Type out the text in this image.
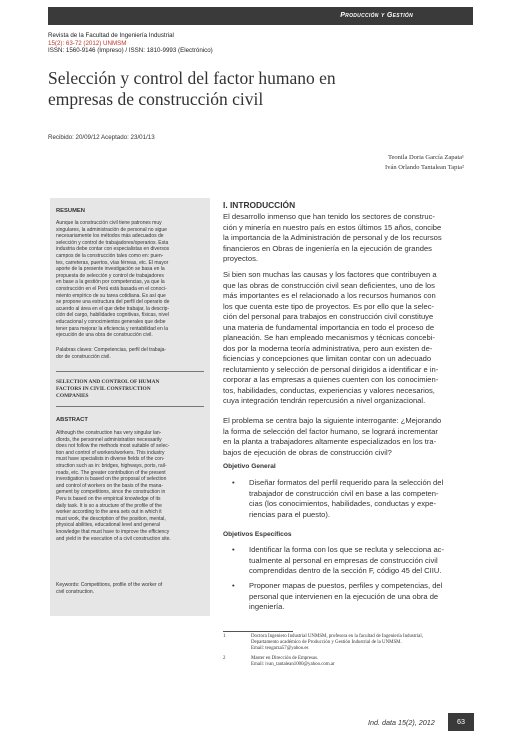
Producción y Gestión
Revista de la Facultad de Ingeniería Industrial
15(2): 63-72 (2012) UNMSM
ISSN: 1560-9146 (Impreso) / ISSN: 1810-9993 (Electrónico)
Selección y control del factor humano en empresas de construcción civil
Recibido: 20/09/12 Aceptado: 23/01/13
Teonila Doria García Zapata¹
Iván Orlando Tantalean Tapia²
RESUMEN
Aunque la construcción civil tiene patrones muy
singulares, la administración de personal no sigue
necesariamente los métodos más adecuados de
selección y control de trabajadores/operarios. Esta
industria debe contar con especialistas en diversos
campos de la construcción tales como en: puen-
tes, carreteras, puertos, vías férreas, etc. El mayor
aporte de la presente investigación se basa en la
propuesta de selección y control de trabajadores
en base a la gestión por competencias, ya que la
construcción en el Perú está basada en el conoci-
miento empírico de su tarea cotidiana. Es así que
se propone una estructura del perfil del operario de
acuerdo al área en el que debe trabajar, la descrip-
ción del cargo, habilidades cognitivas, físicas, nivel
educacional y conocimientos generales que debe
tener para mejorar la eficiencia y rentabilidad en la
ejecución de una obra de construcción civil.
Palabras claves: Competencias, perfil del trabaja-
dor de construcción civil.
SELECTION AND CONTROL OF HUMAN
FACTORS IN CIVIL CONSTRUCTION
COMPANIES
ABSTRACT
Although the construction has very singular lan-
dlords, the personnel administration necessarily
does not follow the methods most suitable of selec-
tion and control of workers/workers. This industry
must have specialists in diverse fields of the con-
struction such as in: bridges, highways, ports, rail-
roads, etc. The greater contribution of the present
investigation is based on the proposal of selection
and control of workers on the basis of the mana-
gement by competitions, since the construction in
Peru is based on the empirical knowledge of its
daily task. It is so a structure of the profile of the
worker according to the area sets out in which it
must work, the description of the position, mental,
physical abilities, educational level and general
knowledge that must have to improve the efficiency
and yield in the execution of a civil construction site.
Keywords: Competitions, profile of the worker of
civil construction.
I. INTRODUCCIÓN
El desarrollo inmenso que han tenido los sectores de construc-
ción y minería en nuestro país en estos últimos 15 años, concibe
la importancia de la Administración de personal y de los recursos
financieros en Obras de ingeniería en la ejecución de grandes
proyectos.
Si bien son muchas las causas y los factores que contribuyen a
que las obras de construcción civil sean deficientes, uno de los
más importantes es el relacionado a los recursos humanos con
los que cuenta este tipo de proyectos. Es por ello que la selec-
ción del personal para trabajos en construcción civil constituye
una materia de fundamental importancia en todo el proceso de
planeación. Se han empleado mecanismos y técnicas concebi-
dos por la moderna teoría administrativa, pero aun existen de-
ficiencias y concepciones que limitan contar con un adecuado
reclutamiento y selección de personal dirigidos a identificar e in-
corporar a las empresas a quienes cuenten con los conocimien-
tos, habilidades, conductas, experiencias y valores necesarios,
cuya integración tendrán repercusión a nivel organizacional.
El problema se centra bajo la siguiente interrogante: ¿Mejorando
la forma de selección del factor humano, se logrará incrementar
en la planta a trabajadores altamente especializados en los tra-
bajos de ejecución de obras de construcción civil?
Objetivo General
•	Diseñar formatos del perfil requerido para la selección del
trabajador de construcción civil en base a las competen-
cias (los conocimientos, habilidades, conductas y expe-
riencias para el puesto).
Objetivos Específicos
•	Identificar la forma con los que se recluta y selecciona ac-
tualmente al personal en empresas de construcción civil
comprendidas dentro de la sección F, código 45 del CIIU.
•	Proponer mapas de puestos, perfiles y competencias, del
personal que intervienen en la ejecución de una obra de
ingeniería.
1	Doctora Ingeniero Industrial UNMSM, profesora en la facultad de Ingeniería Industrial,
Departamento académico de Producción y Gestión Industrial de la UNMSM.
Email: teogarza57@yahoo.es
2	Master en Dirección de Empresas.
Email: ivan_tantalean1000@yahoo.com.ar
Ind. data 15(2), 2012	63
